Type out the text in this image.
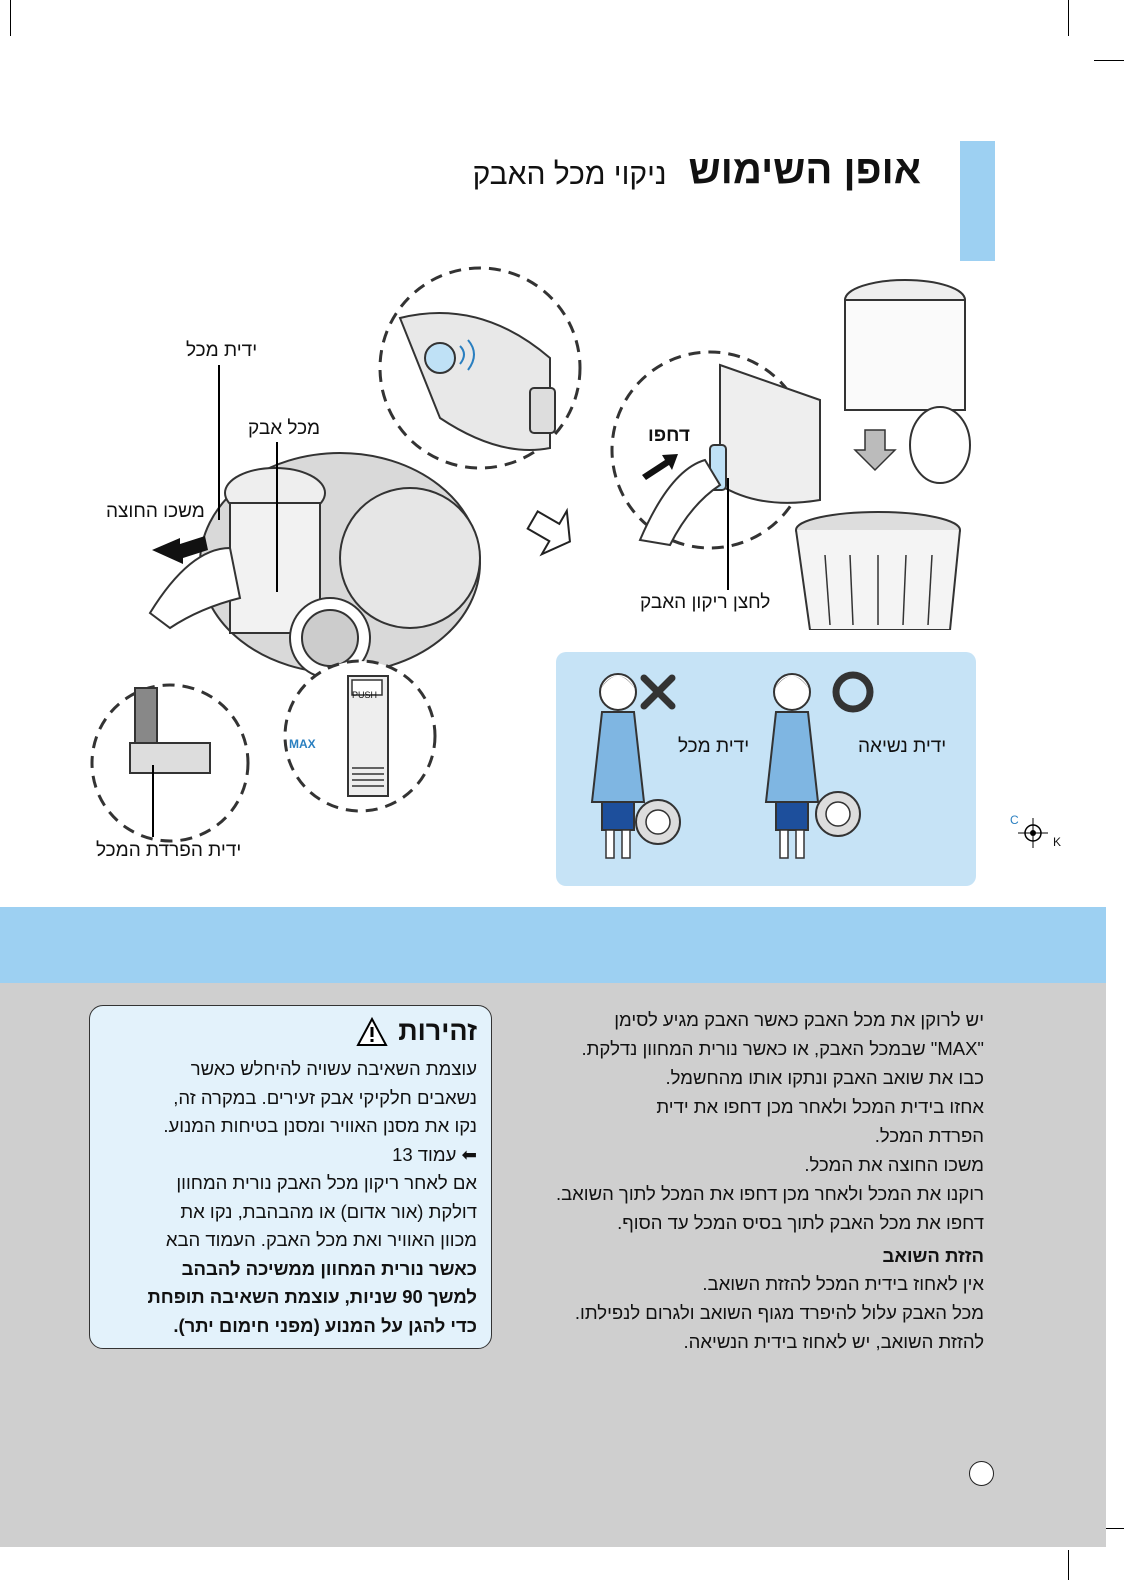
אופן השימוש
ניקוי מכל האבק
PUSH
MAX
ידית מכל
מכל אבק
משכו החוצה
ידית הפרדת המכל
דחפו
לחצן ריקון האבק
ידית מכל	ידית נשיאה
C
K
יש לרוקן את מכל האבק כאשר האבק מגיע לסימן
"MAX" שבמכל האבק, או כאשר נורית המחוון נדלקת.
כבו את שואב האבק ונתקו אותו מהחשמל.
אחזו בידית המכל ולאחר מכן דחפו את ידית
הפרדת המכל.
משכו החוצה את המכל.
רוקנו את המכל ולאחר מכן דחפו את המכל לתוך השואב.
דחפו את מכל האבק לתוך בסיס המכל עד הסוף.
הזזת השואב
אין לאחוז בידית המכל להזזת השואב.
מכל האבק עלול להיפרד מגוף השואב ולגרום לנפילתו.
להזזת השואב, יש לאחוז בידית הנשיאה.
זהירות
עוצמת השאיבה עשויה להיחלש כאשר
נשאבים חלקיקי אבק זעירים. במקרה זה,
נקו את מסנן האוויר ומסנן בטיחות המנוע.
⬅ עמוד 13
אם לאחר ריקון מכל האבק נורית המחוון
דולקת (אור אדום) או מהבהבת, נקו את
מכוון האוויר ואת מכל האבק. העמוד הבא
כאשר נורית המחוון ממשיכה להבהב
למשך 90 שניות, עוצמת השאיבה תופחת
כדי להגן על המנוע (מפני חימום יתר).
